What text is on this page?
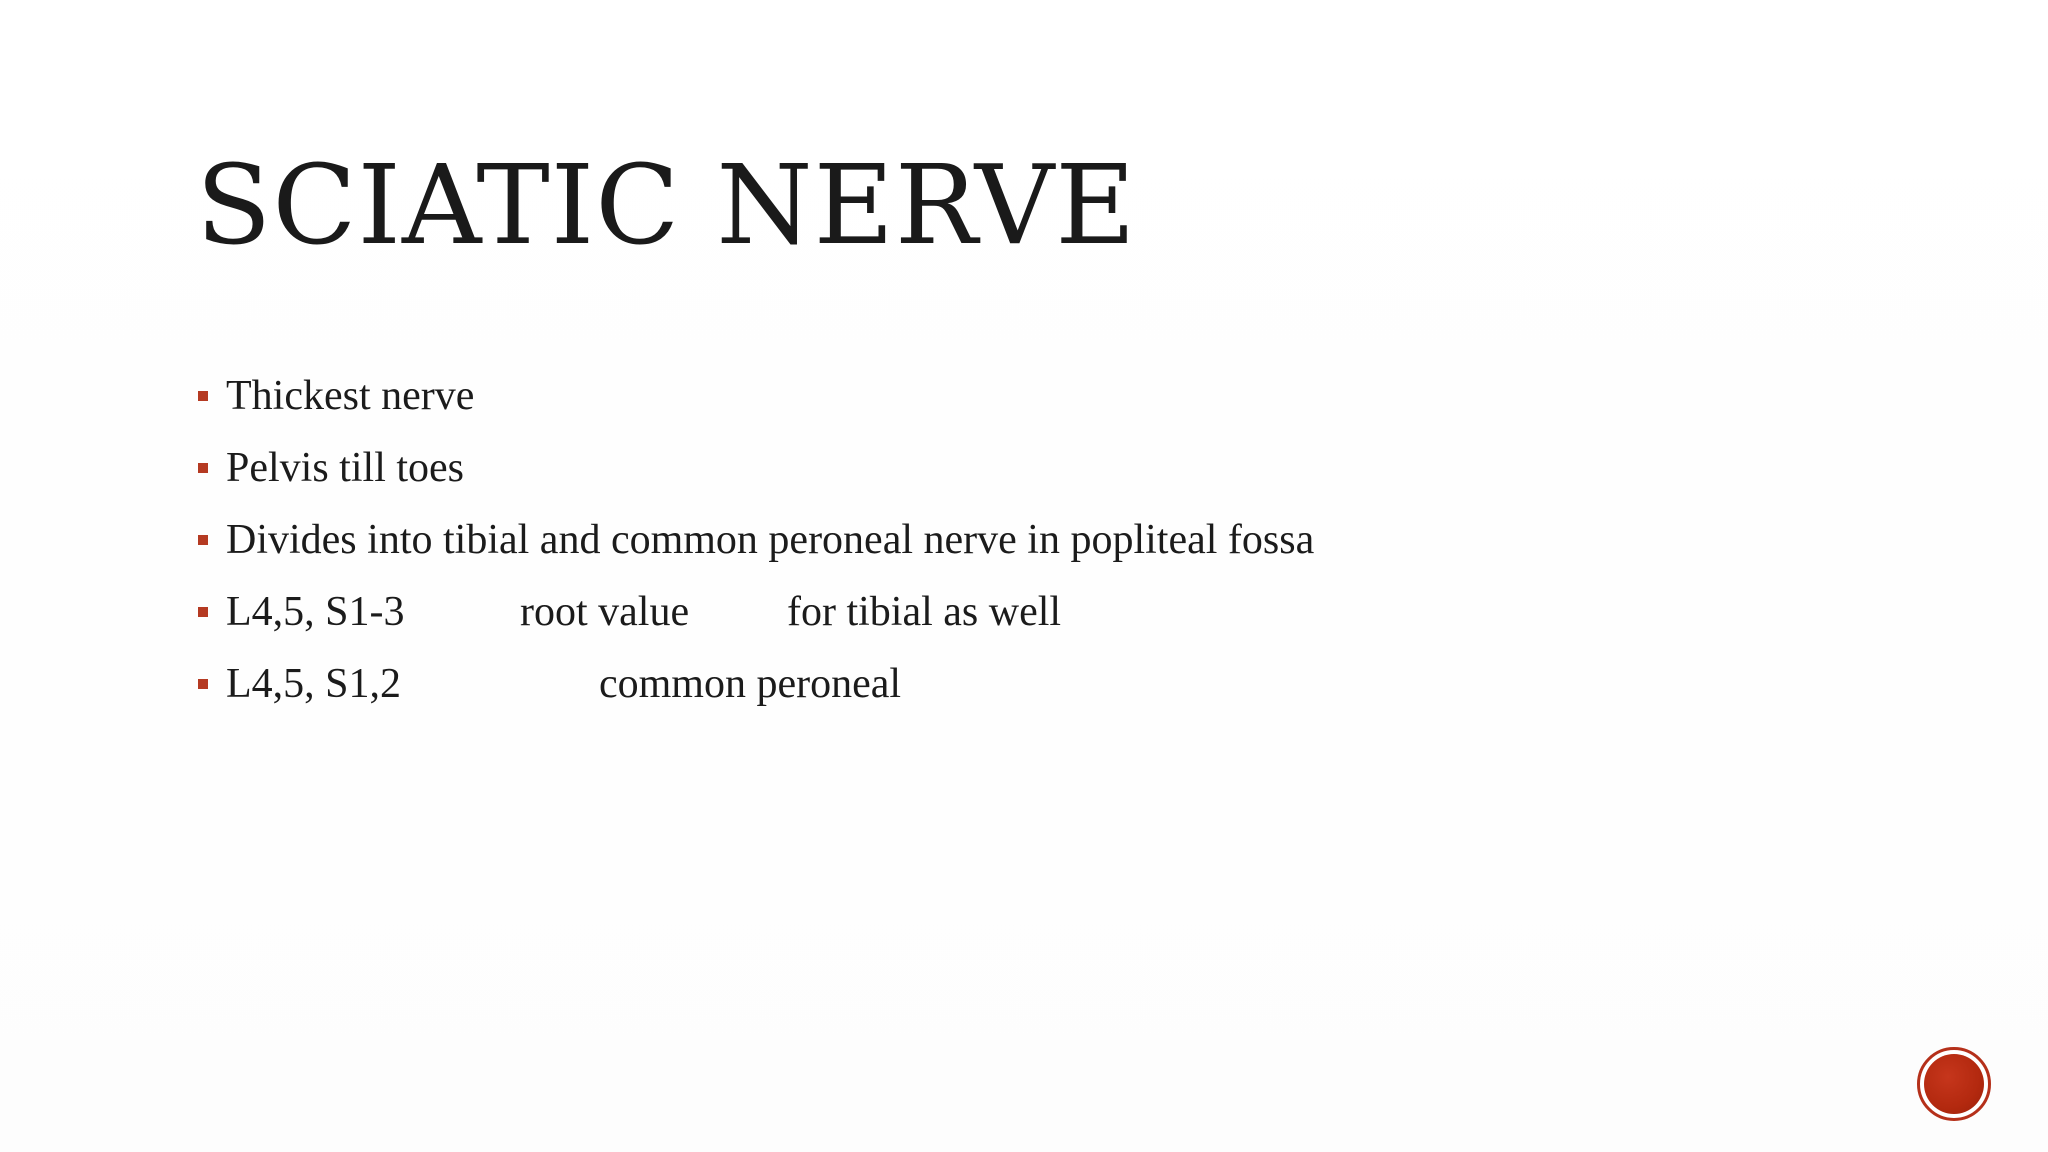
SCIATIC NERVE
Thickest nerve
Pelvis till toes
Divides into tibial and common peroneal nerve in popliteal fossa
L4,5, S1-3	root value for tibial as well
L4,5, S1,2	common peroneal
